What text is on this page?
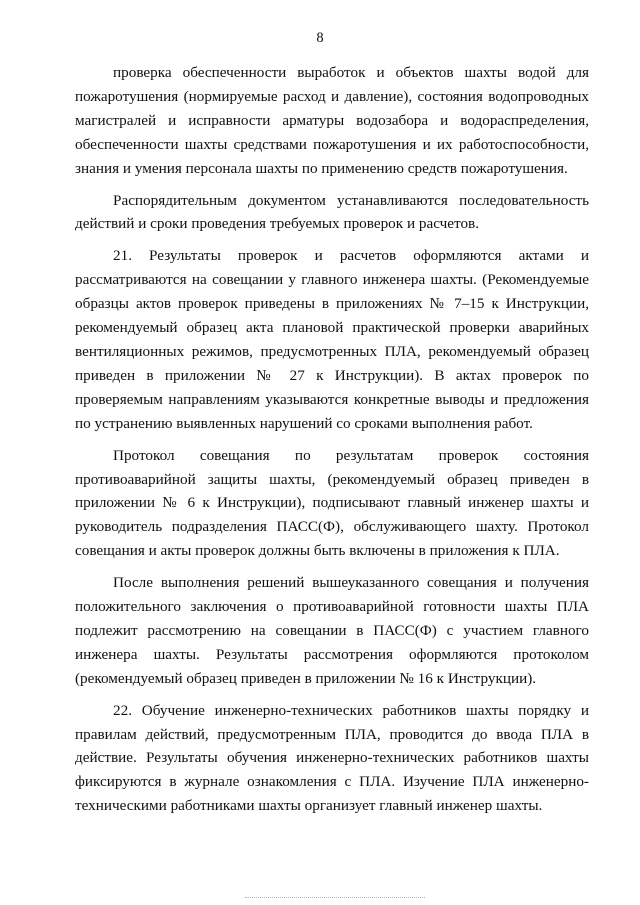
8

проверка обеспеченности выработок и объектов шахты водой для пожаротушения (нормируемые расход и давление), состояния водопроводных магистралей и исправности арматуры водозабора и водораспределения, обеспеченности шахты средствами пожаротушения и их работоспособности, знания и умения персонала шахты по применению средств пожаротушения.

Распорядительным документом устанавливаются последовательность действий и сроки проведения требуемых проверок и расчетов.

21. Результаты проверок и расчетов оформляются актами и рассматриваются на совещании у главного инженера шахты. (Рекомендуемые образцы актов проверок приведены в приложениях № 7–15 к Инструкции, рекомендуемый образец акта плановой практической проверки аварийных вентиляционных режимов, предусмотренных ПЛА, рекомендуемый образец приведен в приложении № 27 к Инструкции). В актах проверок по проверяемым направлениям указываются конкретные выводы и предложения по устранению выявленных нарушений со сроками выполнения работ.

Протокол совещания по результатам проверок состояния противоаварийной защиты шахты, (рекомендуемый образец приведен в приложении № 6 к Инструкции), подписывают главный инженер шахты и руководитель подразделения ПАСС(Ф), обслуживающего шахту. Протокол совещания и акты проверок должны быть включены в приложения к ПЛА.

После выполнения решений вышеуказанного совещания и получения положительного заключения о противоаварийной готовности шахты ПЛА подлежит рассмотрению на совещании в ПАСС(Ф) с участием главного инженера шахты. Результаты рассмотрения оформляются протоколом (рекомендуемый образец приведен в приложении № 16 к Инструкции).

22. Обучение инженерно-технических работников шахты порядку и правилам действий, предусмотренным ПЛА, проводится до ввода ПЛА в действие. Результаты обучения инженерно-технических работников шахты фиксируются в журнале ознакомления с ПЛА. Изучение ПЛА инженерно-техническими работниками шахты организует главный инженер шахты.
